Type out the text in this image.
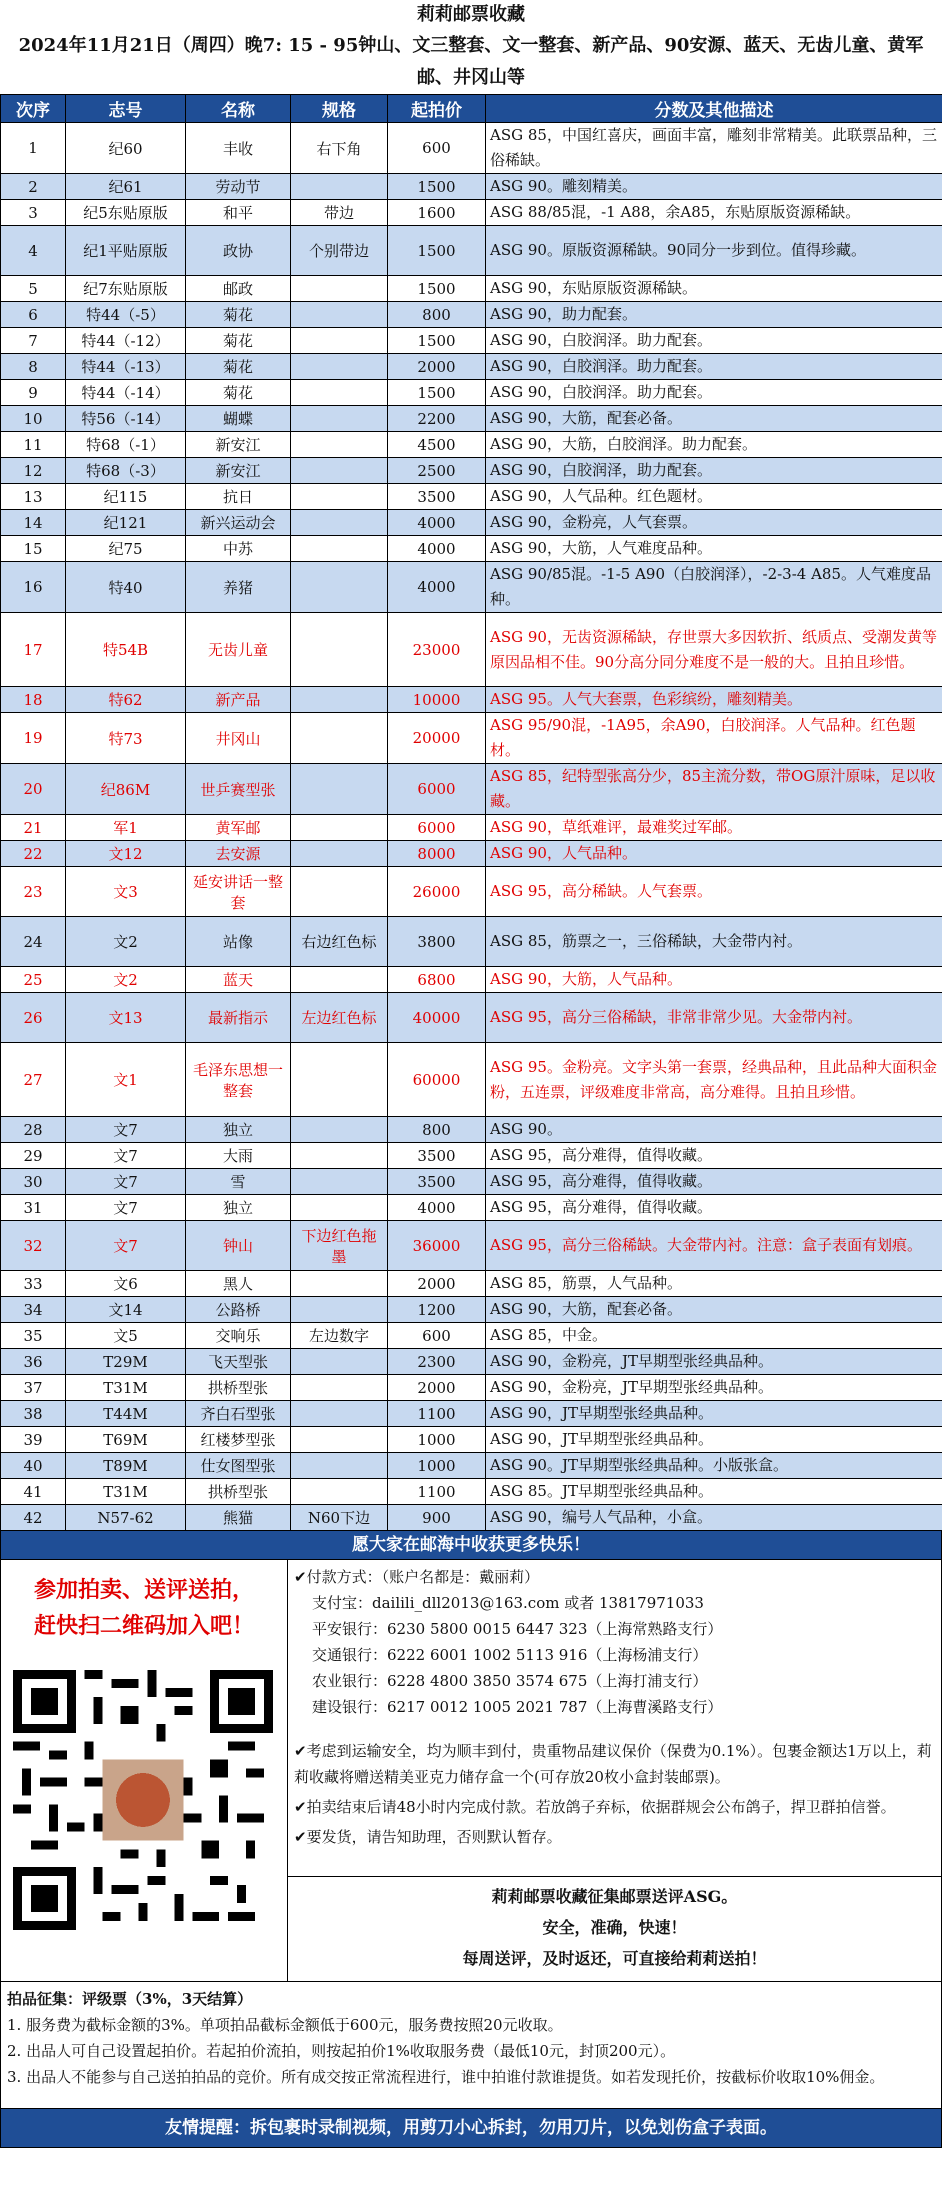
莉莉邮票收藏
2024年11月21日（周四）晚7: 15 - 95钟山、文三整套、文一整套、新产品、90安源、蓝天、无齿儿童、黄军邮、井冈山等
次序	志号	名称	规格	起拍价	分数及其他描述
1	纪60	丰收	右下角	600	ASG 85，中国红喜庆，画面丰富，雕刻非常精美。此联票品种，三俗稀缺。
2	纪61	劳动节		1500	ASG 90。雕刻精美。
3	纪5东贴原版	和平	带边	1600	ASG 88/85混，-1 A88，余A85，东贴原版资源稀缺。
4	纪1平贴原版	政协	个别带边	1500	ASG 90。原版资源稀缺。90同分一步到位。值得珍藏。
5	纪7东贴原版	邮政		1500	ASG 90，东贴原版资源稀缺。
6	特44（-5）	菊花		800	ASG 90，助力配套。
7	特44（-12）	菊花		1500	ASG 90，白胶润泽。助力配套。
8	特44（-13）	菊花		2000	ASG 90，白胶润泽。助力配套。
9	特44（-14）	菊花		1500	ASG 90，白胶润泽。助力配套。
10	特56（-14）	蝴蝶		2200	ASG 90，大筋，配套必备。
11	特68（-1）	新安江		4500	ASG 90，大筋，白胶润泽。助力配套。
12	特68（-3）	新安江		2500	ASG 90，白胶润泽，助力配套。
13	纪115	抗日		3500	ASG 90，人气品种。红色题材。
14	纪121	新兴运动会		4000	ASG 90，金粉亮，人气套票。
15	纪75	中苏		4000	ASG 90，大筋，人气难度品种。
16	特40	养猪		4000	ASG 90/85混。-1-5 A90（白胶润泽），-2-3-4 A85。人气难度品种。
17	特54B	无齿儿童		23000	ASG 90，无齿资源稀缺，存世票大多因软折、纸质点、受潮发黄等原因品相不佳。90分高分同分难度不是一般的大。且拍且珍惜。
18	特62	新产品		10000	ASG 95。人气大套票，色彩缤纷，雕刻精美。
19	特73	井冈山		20000	ASG 95/90混，-1A95，余A90，白胶润泽。人气品种。红色题材。
20	纪86M	世乒赛型张		6000	ASG 85，纪特型张高分少，85主流分数，带OG原汁原味，足以收藏。
21	军1	黄军邮		6000	ASG 90，草纸难评，最难奖过军邮。
22	文12	去安源		8000	ASG 90，人气品种。
23	文3	延安讲话一整套		26000	ASG 95，高分稀缺。人气套票。
24	文2	站像	右边红色标	3800	ASG 85，筋票之一，三俗稀缺，大金带内衬。
25	文2	蓝天		6800	ASG 90，大筋，人气品种。
26	文13	最新指示	左边红色标	40000	ASG 95，高分三俗稀缺，非常非常少见。大金带内衬。
27	文1	毛泽东思想一整套		60000	ASG 95。金粉亮。文字头第一套票，经典品种，且此品种大面积金粉，五连票，评级难度非常高，高分难得。且拍且珍惜。
28	文7	独立		800	ASG 90。
29	文7	大雨		3500	ASG 95，高分难得，值得收藏。
30	文7	雪		3500	ASG 95，高分难得，值得收藏。
31	文7	独立		4000	ASG 95，高分难得，值得收藏。
32	文7	钟山	下边红色拖墨	36000	ASG 95，高分三俗稀缺。大金带内衬。注意：盒子表面有划痕。
33	文6	黑人		2000	ASG 85，筋票，人气品种。
34	文14	公路桥		1200	ASG 90，大筋，配套必备。
35	文5	交响乐	左边数字	600	ASG 85，中金。
36	T29M	飞天型张		2300	ASG 90，金粉亮，JT早期型张经典品种。
37	T31M	拱桥型张		2000	ASG 90，金粉亮，JT早期型张经典品种。
38	T44M	齐白石型张		1100	ASG 90，JT早期型张经典品种。
39	T69M	红楼梦型张		1000	ASG 90，JT早期型张经典品种。
40	T89M	仕女图型张		1000	ASG 90。JT早期型张经典品种。小版张盒。
41	T31M	拱桥型张		1100	ASG 85。JT早期型张经典品种。
42	N57-62	熊猫	N60下边	900	ASG 90，编号人气品种，小盒。
愿大家在邮海中收获更多快乐！
参加拍卖、送评送拍，
赶快扫二维码加入吧！
✔付款方式：（账户名都是：戴丽莉）
支付宝：dailili_dll2013@163.com 或者 13817971033
平安银行：6230 5800 0015 6447 323（上海常熟路支行）
交通银行：6222 6001 1002 5113 916（上海杨浦支行）
农业银行：6228 4800 3850 3574 675（上海打浦支行）
建设银行：6217 0012 1005 2021 787（上海曹溪路支行）
✔考虑到运输安全，均为顺丰到付，贵重物品建议保价（保费为0.1%）。包裹金额达1万以上，莉莉收藏将赠送精美亚克力储存盒一个(可存放20枚小盒封装邮票)。
✔拍卖结束后请48小时内完成付款。若放鸽子弃标，依据群规会公布鸽子，捍卫群拍信誉。
✔要发货，请告知助理，否则默认暂存。
莉莉邮票收藏征集邮票送评ASG。
安全，准确，快速！
每周送评，及时返还，可直接给莉莉送拍！
拍品征集：评级票（3%，3天结算）
1. 服务费为截标金额的3%。单项拍品截标金额低于600元，服务费按照20元收取。
2. 出品人可自己设置起拍价。若起拍价流拍，则按起拍价1%收取服务费（最低10元，封顶200元）。
3. 出品人不能参与自己送拍拍品的竞价。所有成交按正常流程进行，谁中拍谁付款谁提货。如若发现托价，按截标价收取10%佣金。
友情提醒：拆包裹时录制视频，用剪刀小心拆封，勿用刀片，以免划伤盒子表面。
